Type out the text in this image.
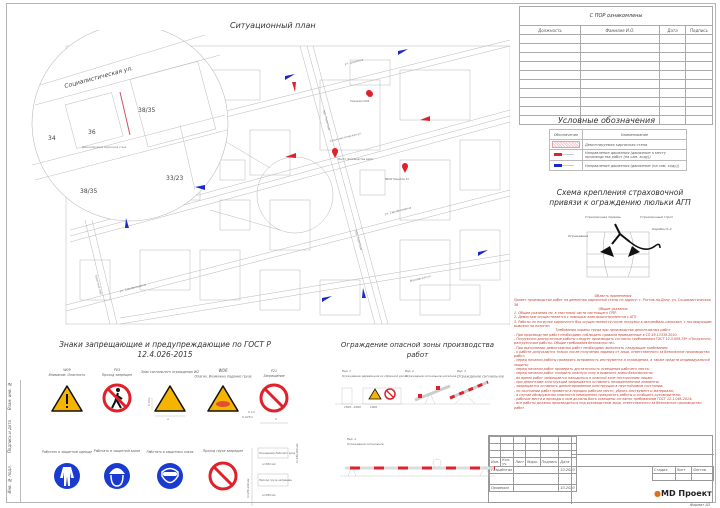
Инв. № подл.
Подпись и дата
Взам. инв. №
Ситуационный план
Социалистическая ул.
34
36
38/35
38/35
33/23
Демонтируемая кирпичная стена
ул. Шаумяна
Социалистическая ул.
ул. Серафимовича
пер. Газетный
пер. Газетный
Московская ул.
ул. Серафимовича
Газетный пер.
Гимназия №36
Место производства работ
МБОУ Лицей № 33
С ПОР ознакомлены
Должность	Фамилия И.О.	Дата	Подпись

Условные обозначения
Обозначение	Наименование

	Демонтируемая кирпичная стена
	Направление движения (движение к месту производства работ (на сам. ходу))
	Направление движения (движение (на сам. ходу))
Схема крепления страховочной
привязи к ограждению люльки АГП
Страховочная привязь	Страховочный строп
Карабин К-4
Ограждение

Область применения

Проект производства работ на демонтаж кирпичной стены по адресу: г. Ростов-на-Дону, ул. Социалистическая, 36

Общие указания

1. Общие указания см. в текстовой части настоящего ППР.

2. Демонтаж осуществляется с помощью электроинструментов с АГП.

3. Работы по погрузке кирпичного боя осуществляются после погрузки в автомобиль-самосвал, с последующим вывозом на полигон.

Требования охраны труда при производстве демонтажных работ

- При производстве работ необходимо соблюдать правила приведенные в СП 49.13330.2010.

- Погрузочно-разгрузочные работы следует производить согласно требованиям ГОСТ 12.3.009-76* «Погрузочно-разгрузочные работы. Общие требования безопасности».

- При выполнении демонтажных работ необходимо выполнять следующие требования:

- к работе допускаются только после получения задания от лица, ответственного за безопасное производство работ;

- перед началом работы проверить исправность инструмента и ограждения, а также средств индивидуальной защиты;

- перед началом работ проверить достаточность освещения рабочего места;

- перед началом работ оградить опасную зону и вывесить знаки безопасности;

- во время работ запрещается находиться в опасной зоне посторонним лицам;

- при демонтаже конструкций запрещается оставлять незакрепленные элементы;

- запрещается оставлять демонтированные конструкции в неустойчивом состоянии;

- по окончании работ привести в порядок рабочее место, убрать инструмент и материалы;

- в случае обнаружения опасности немедленно прекратить работы и сообщить руководителю;

- рабочие места и проходы к ним должны быть освещены согласно требованиям ГОСТ 12.1.046-2014;

- все работы должны производиться под руководством лица, ответственного за безопасное производство работ.

Изм.	Кол. уч.	Лист	№док.	Подпись	Дата
Разработал					10.2020

Проверил					10.2020
Стадия	Лист	Листов

●MD Проект
Формат А3
Знаки запрещающие и предупреждающие по ГОСТ Р
12.4.026-2015
W09
Внимание. Опасность
P03
Проход запрещен
Знак сигнального ограждения W2	W06
Опасно. Возможно падение груза
P21
Запрещение
Работать в защитной одежде Работать в защитной каске Работать в защитных очках	Проход груза запрещен
a
0.05a
d
0.1d
0.025d
Оснащение Рабочего края
Проход груза запрещен
a=360 мм
a=280 мм
h=230-240 мм
h=180-200 мм
Ограждение опасной зоны производства
работ
Вар. 1
Ограждение деревянное из обрезной доски
Вар. 2
Ограждение сигнальное нагалное
Вар. 3
Ограждение сигнальное
Вар. 4
Ограждение сигнальное
1500...2000	1000
